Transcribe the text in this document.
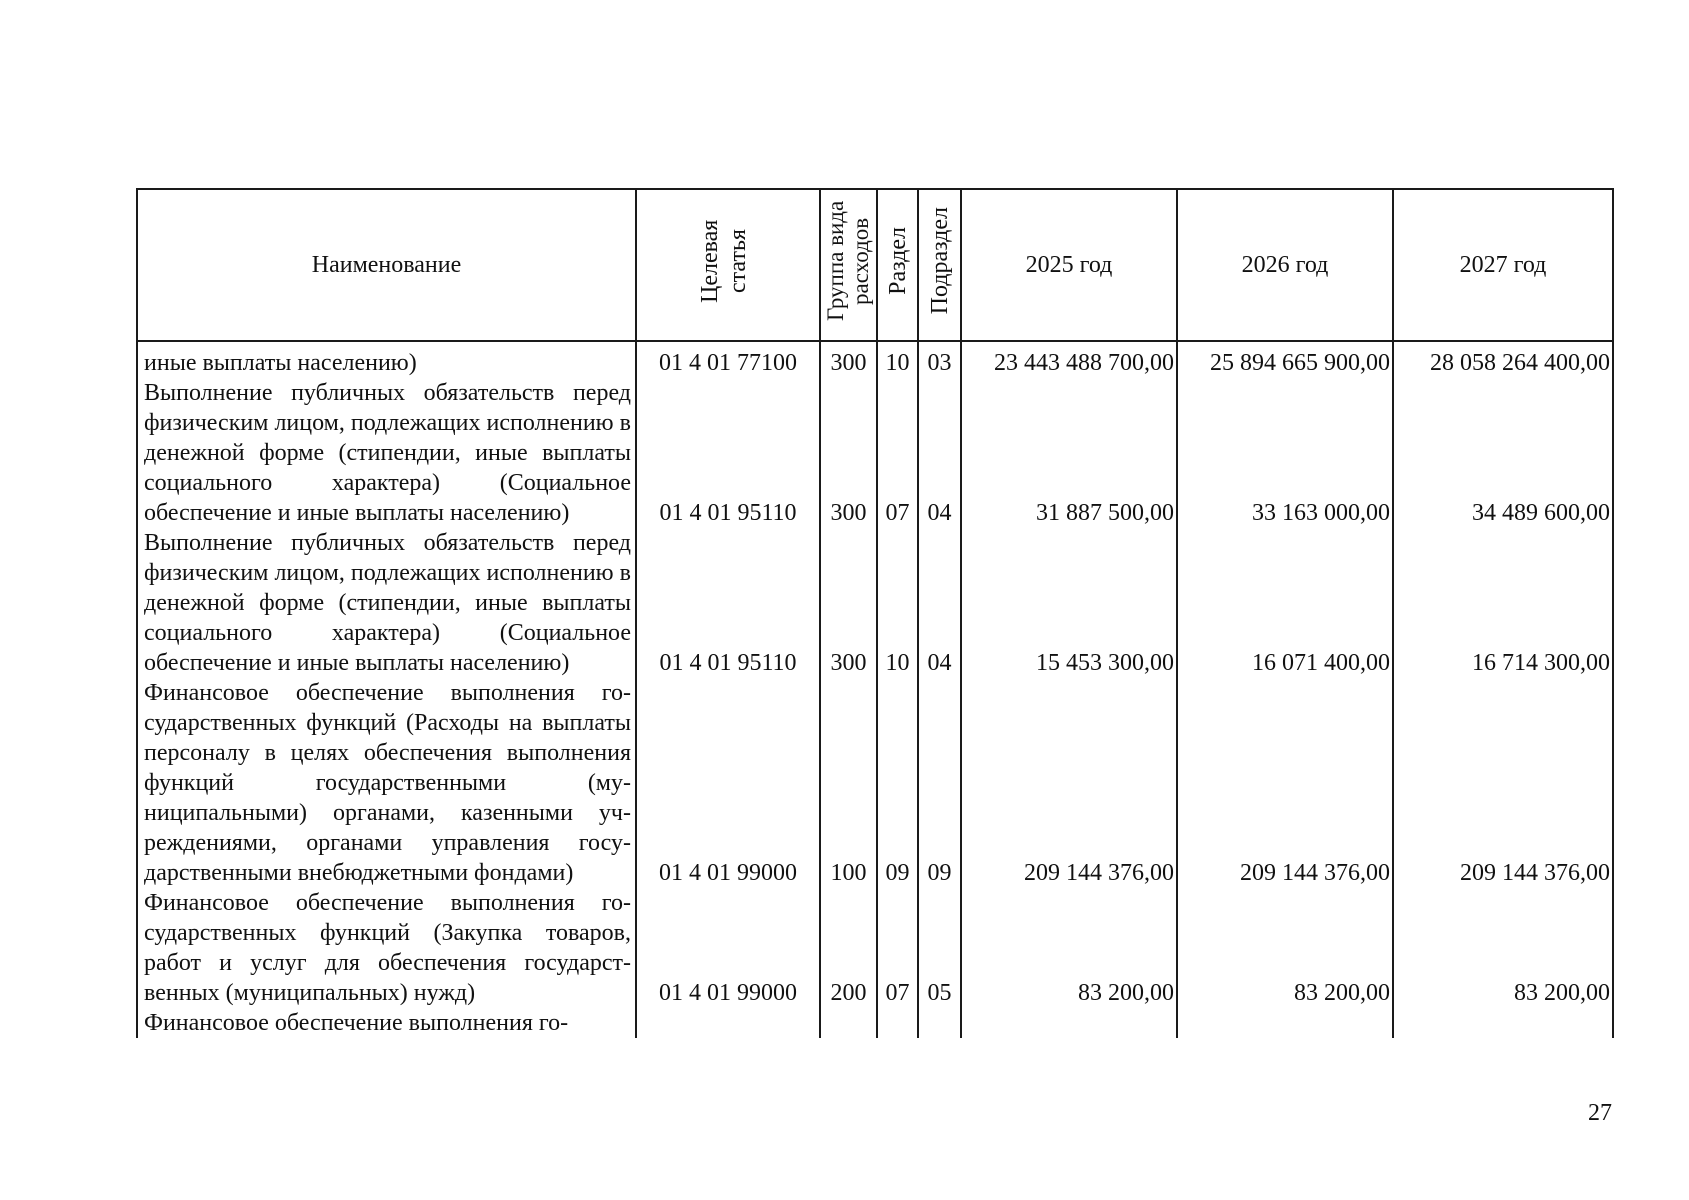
Наименование	Целевая статья	Группа вида расходов	Раздел	Подраздел	2025 год	2026 год	2027 год
иные выплаты населению)	01 4 01 77100	300	10	03	23 443 488 700,00	25 894 665 900,00	28 058 264 400,00
Выполнение публичных обязательств перед физическим лицом, подлежащих исполнению в денежной форме (стипендии, иные выплаты социального характера) (Социальное обеспечение и иные выплаты населению)	01 4 01 95110	300	07	04	31 887 500,00	33 163 000,00	34 489 600,00
Выполнение публичных обязательств перед физическим лицом, подлежащих исполнению в денежной форме (стипендии, иные выплаты социального характера) (Социальное обеспечение и иные выплаты населению)	01 4 01 95110	300	10	04	15 453 300,00	16 071 400,00	16 714 300,00
Финансовое обеспечение выполнения государственных функций (Расходы на выплаты персоналу в целях обеспечения выполнения функций государственными (муниципальными) органами, казенными учреждениями, органами управления государственными внебюджетными фондами)	01 4 01 99000	100	09	09	209 144 376,00	209 144 376,00	209 144 376,00
Финансовое обеспечение выполнения государственных функций (Закупка товаров, работ и услуг для обеспечения государственных (муниципальных) нужд)	01 4 01 99000	200	07	05	83 200,00	83 200,00	83 200,00
Финансовое обеспечение выполнения го-							
27
